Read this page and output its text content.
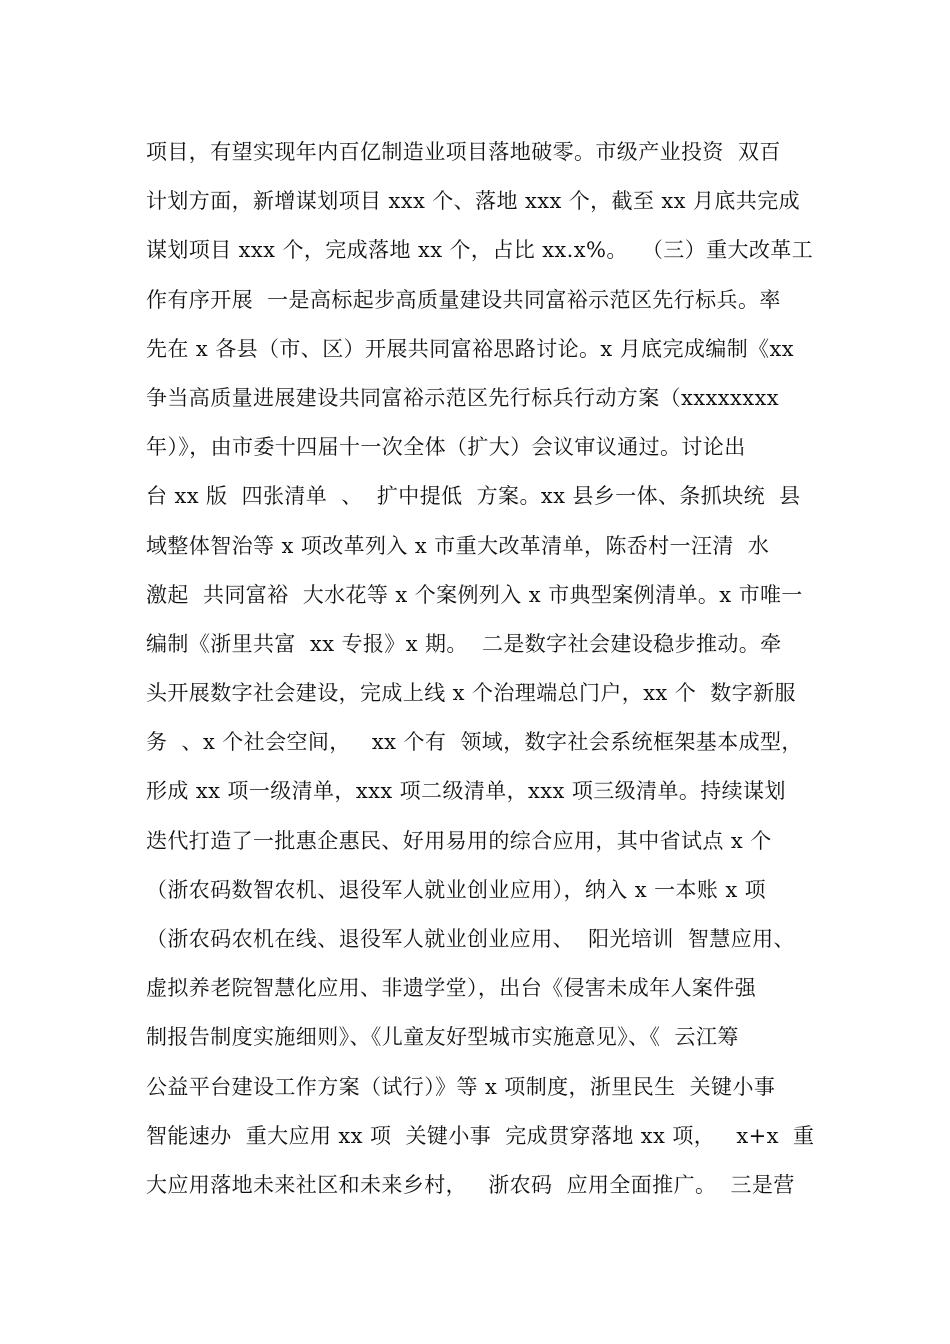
项目，有望实现年内百亿制造业项目落地破零。市级产业投资  双百
计划方面，新增谋划项目 xxx 个、落地 xxx 个，截至 xx 月底共完成
谋划项目 xxx 个，完成落地 xx 个，占比 xx.x%。  （三）重大改革工
作有序开展  一是高标起步高质量建设共同富裕示范区先行标兵。率
先在 x 各县（市、区）开展共同富裕思路讨论。x 月底完成编制《xx
争当高质量进展建设共同富裕示范区先行标兵行动方案（xxxxxxxx
年）》，由市委十四届十一次全体（扩大）会议审议通过。讨论出
台 xx 版  四张清单  、  扩中提低  方案。xx 县乡一体、条抓块统  县
域整体智治等 x 项改革列入 x 市重大改革清单，陈岙村一汪清  水
激起  共同富裕  大水花等 x 个案例列入 x 市典型案例清单。x 市唯一
编制《浙里共富  xx 专报》x 期。  二是数字社会建设稳步推动。牵
头开展数字社会建设，完成上线 x 个治理端总门户，xx 个  数字新服
务  、x 个社会空间，   xx 个有  领域，数字社会系统框架基本成型，
形成 xx 项一级清单，xxx 项二级清单，xxx 项三级清单。持续谋划
迭代打造了一批惠企惠民、好用易用的综合应用，其中省试点 x 个
（浙农码数智农机、退役军人就业创业应用），纳入 x 一本账 x 项
（浙农码农机在线、退役军人就业创业应用、  阳光培训  智慧应用、
虚拟养老院智慧化应用、非遗学堂），出台《侵害未成年人案件强
制报告制度实施细则》、《儿童友好型城市实施意见》、《  云江筹
公益平台建设工作方案（试行）》等 x 项制度，浙里民生  关键小事
智能速办  重大应用 xx 项  关键小事  完成贯穿落地 xx 项，   x+x  重
大应用落地未来社区和未来乡村，   浙农码  应用全面推广。  三是营
